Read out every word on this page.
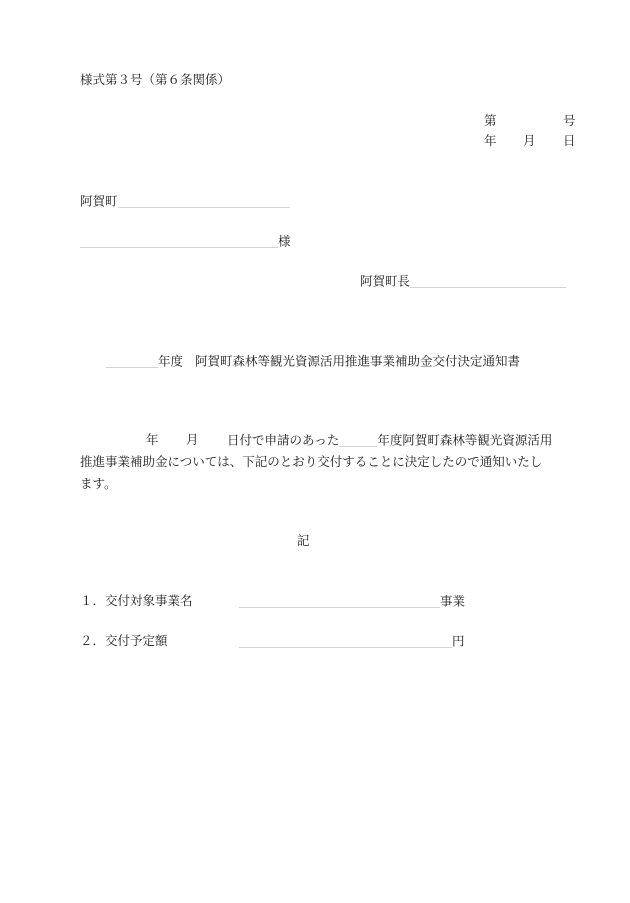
様式第３号（第６条関係）
第	号
年 月 日
阿賀町
様
阿賀町長
年度 阿賀町森林等観光資源活用推進事業補助金交付決定通知書
年 月 日付で申請のあった	年度阿賀町森林等観光資源活用
推進事業補助金については、下記のとおり交付することに決定したので通知いたし
ます。
記
１．交付対象事業名	事業
２．交付予定額	円
